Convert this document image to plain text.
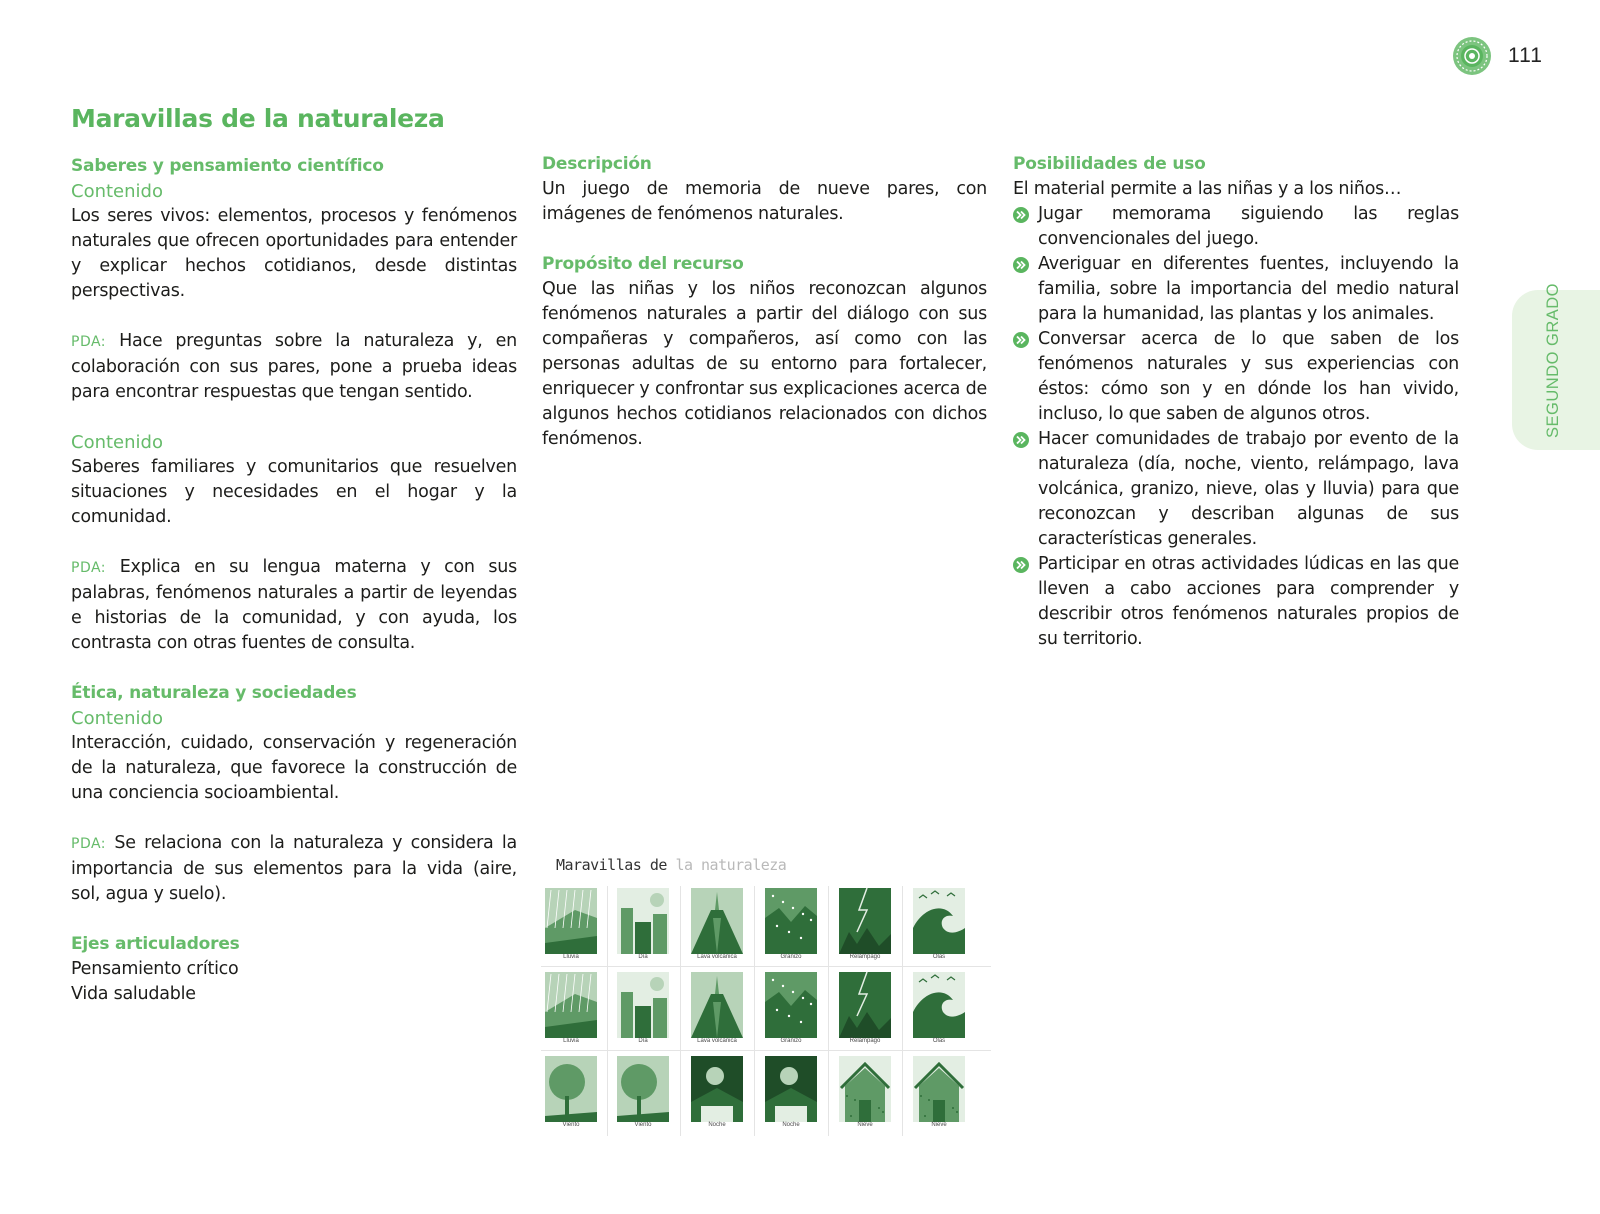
111
SEGUNDO GRADO
Maravillas de la naturaleza
Saberes y pensamiento científico
Contenido

Los seres vivos: elementos, procesos y fenómenos naturales que ofrecen oportunidades para entender y explicar hechos cotidianos, desde distintas perspectivas.

PDA: Hace preguntas sobre la naturaleza y, en colaboración con sus pares, pone a prueba ideas para encontrar respuestas que tengan sentido.

Contenido

Saberes familiares y comunitarios que resuelven situaciones y necesidades en el hogar y la comunidad.

PDA: Explica en su lengua materna y con sus palabras, fenómenos naturales a partir de leyendas e historias de la comunidad, y con ayuda, los contrasta con otras fuentes de consulta.

Ética, naturaleza y sociedades
Contenido

Interacción, cuidado, conservación y regeneración de la naturaleza, que favorece la construcción de una conciencia socioambiental.

PDA: Se relaciona con la naturaleza y considera la importancia de sus elementos para la vida (aire, sol, agua y suelo).

Ejes articuladores

Pensamiento crítico

Vida saludable

Descripción

Un juego de memoria de nueve pares, con imágenes de fenómenos naturales.

Propósito del recurso

Que las niñas y los niños reconozcan algunos fenómenos naturales a partir del diálogo con sus compañeras y compañeros, así como con las personas adultas de su entorno para fortalecer, enriquecer y confrontar sus explicaciones acerca de algunos hechos cotidianos relacionados con dichos fenómenos.

Posibilidades de uso

El material permite a las niñas y a los niños…

Jugar memorama siguiendo las reglas convencionales del juego.
Averiguar en diferentes fuentes, incluyendo la familia, sobre la importancia del medio natural para la humanidad, las plantas y los animales.
Conversar acerca de lo que saben de los fenómenos naturales y sus experiencias con éstos: cómo son y en dónde los han vivido, incluso, lo que saben de algunos otros.
Hacer comunidades de trabajo por evento de la naturaleza (día, noche, viento, relámpago, lava volcánica, granizo, nieve, olas y lluvia) para que reconozcan y describan algunas de sus características generales.
Participar en otras actividades lúdicas en las que lleven a cabo acciones para comprender y describir otros fenómenos naturales propios de su territorio.
Maravillas de la naturaleza
Lluvia	Día	Lava volcánica	Granizo	Relámpago	Olas
Lluvia	Día	Lava volcánica	Granizo	Relámpago	Olas
Viento	Viento	Noche	Noche	Nieve	Nieve
